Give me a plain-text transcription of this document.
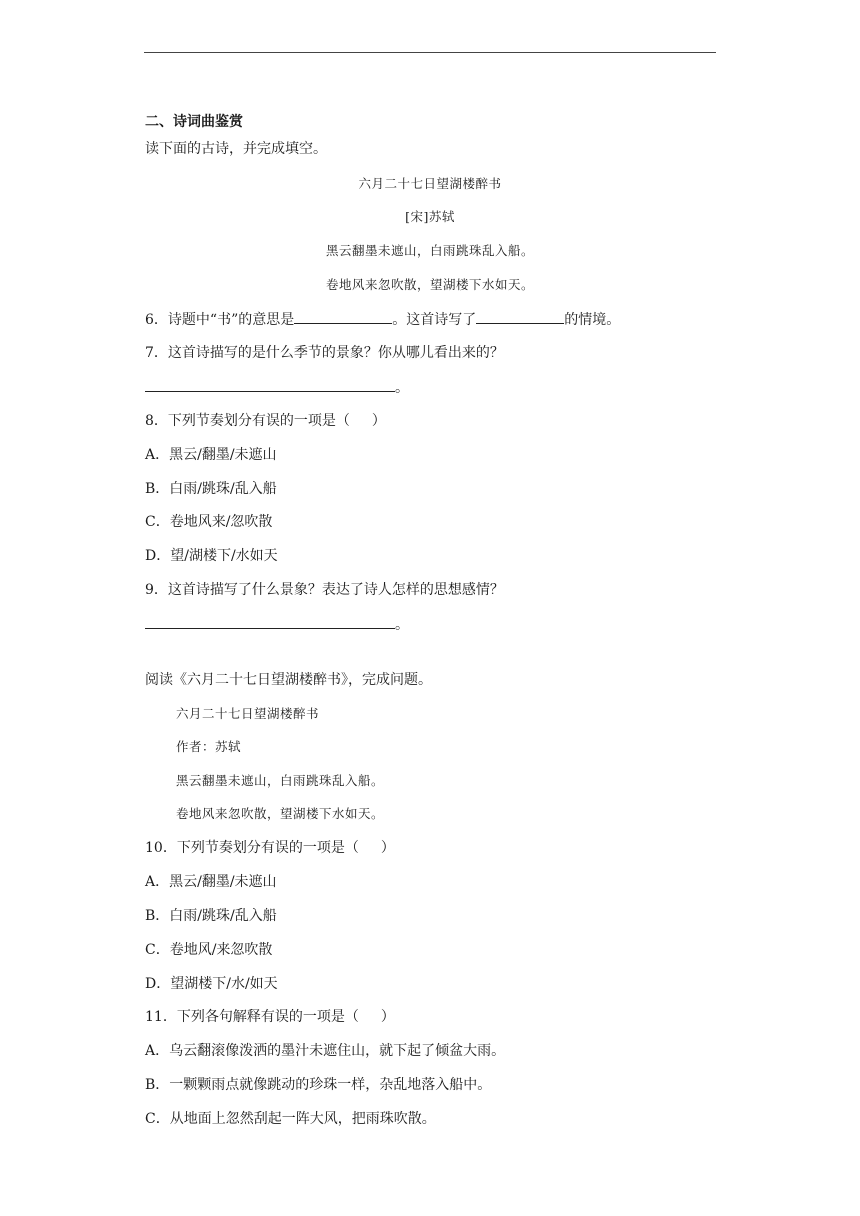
二、诗词曲鉴赏
读下面的古诗，并完成填空。
六月二十七日望湖楼醉书
[宋]苏轼
黑云翻墨未遮山，白雨跳珠乱入船。
卷地风来忽吹散，望湖楼下水如天。
6．诗题中“书”的意思是	。这首诗写了	的情境。
7．这首诗描写的是什么季节的景象？你从哪儿看出来的？
。
8．下列节奏划分有误的一项是（ ）
A．黑云/翻墨/未遮山
B．白雨/跳珠/乱入船
C．卷地风来/忽吹散
D．望/湖楼下/水如天
9．这首诗描写了什么景象？表达了诗人怎样的思想感情？
。
阅读《六月二十七日望湖楼醉书》，完成问题。
六月二十七日望湖楼醉书
作者：苏轼
黑云翻墨未遮山，白雨跳珠乱入船。
卷地风来忽吹散，望湖楼下水如天。
10．下列节奏划分有误的一项是（ ）
A．黑云/翻墨/未遮山
B．白雨/跳珠/乱入船
C．卷地风/来忽吹散
D．望湖楼下/水/如天
11．下列各句解释有误的一项是（ ）
A．乌云翻滚像泼洒的墨汁未遮住山，就下起了倾盆大雨。
B．一颗颗雨点就像跳动的珍珠一样，杂乱地落入船中。
C．从地面上忽然刮起一阵大风，把雨珠吹散。
